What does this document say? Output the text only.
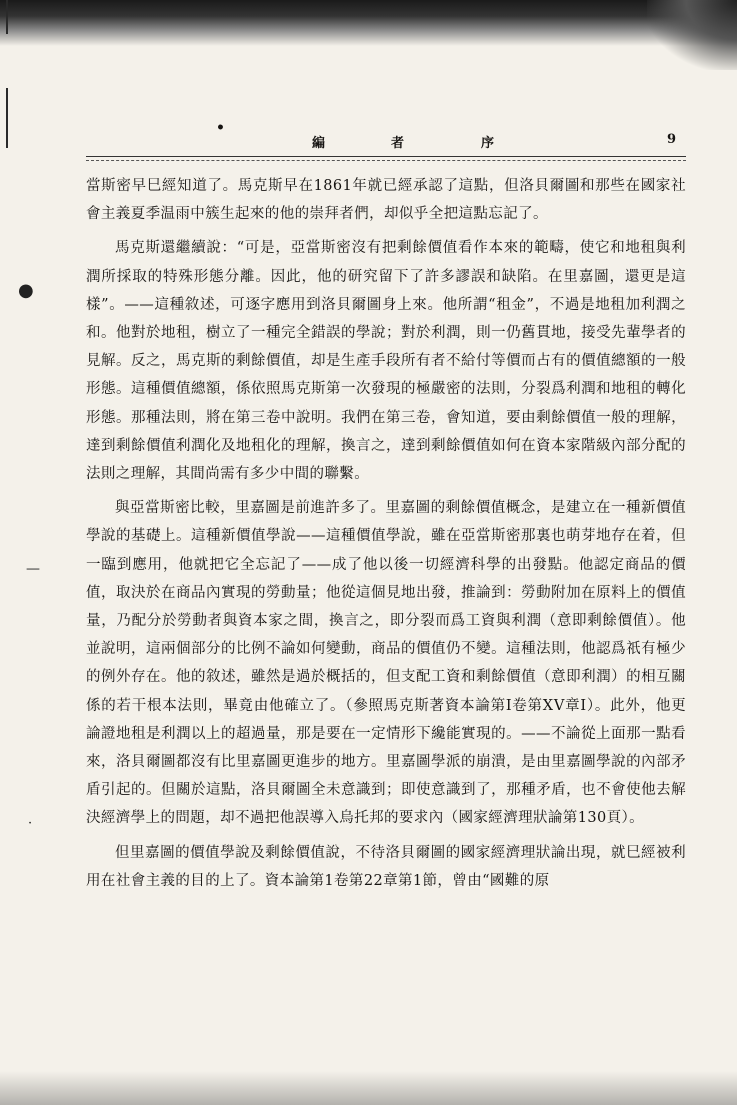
●
—
·
•
編	者	序	9

當斯密早巳經知道了。馬克斯早在1861年就已經承認了這點，但洛貝爾圖和那些在國家社會主義夏季温雨中簇生起來的他的崇拜者們，却似乎全把這點忘記了。

馬克斯還繼續說：“可是，亞當斯密沒有把剩餘價值看作本來的範疇，使它和地租與利潤所採取的特殊形態分離。因此，他的研究留下了許多謬誤和缺陷。在里嘉圖，還更是這樣”。——這種敘述，可逐字應用到洛貝爾圖身上來。他所謂“租金”，不過是地租加利潤之和。他對於地租，樹立了一種完全錯誤的學說；對於利潤，則一仍舊貫地，接受先輩學者的見解。反之，馬克斯的剩餘價值，却是生產手段所有者不給付等價而占有的價值總額的一般形態。這種價值總額，係依照馬克斯第一次發現的極嚴密的法則，分裂爲利潤和地租的轉化形態。那種法則，將在第三卷中說明。我們在第三卷，會知道，要由剩餘價值一般的理解，達到剩餘價值利潤化及地租化的理解，換言之，達到剩餘價值如何在資本家階級內部分配的法則之理解，其間尚需有多少中間的聯繫。

與亞當斯密比較，里嘉圖是前進許多了。里嘉圖的剩餘價值概念，是建立在一種新價值學說的基礎上。這種新價值學說——這種價值學說，雖在亞當斯密那裏也萌芽地存在着，但一臨到應用，他就把它全忘記了——成了他以後一切經濟科學的出發點。他認定商品的價值，取決於在商品內實現的勞動量；他從這個見地出發，推論到：勞動附加在原料上的價值量，乃配分於勞動者與資本家之間，換言之，即分裂而爲工資與利潤（意即剩餘價值）。他並說明，這兩個部分的比例不論如何變動，商品的價值仍不變。這種法則，他認爲祇有極少的例外存在。他的敘述，雖然是過於概括的，但支配工資和剩餘價值（意即利潤）的相互關係的若干根本法則，畢竟由他確立了。（參照馬克斯著資本論第Ⅰ卷第ⅩⅤ章Ⅰ）。此外，他更論證地租是利潤以上的超過量，那是要在一定情形下纔能實現的。——不論從上面那一點看來，洛貝爾圖都沒有比里嘉圖更進步的地方。里嘉圖學派的崩潰，是由里嘉圖學說的內部矛盾引起的。但關於這點，洛貝爾圖全未意識到；即使意識到了，那種矛盾，也不會使他去解決經濟學上的問題，却不過把他誤導入烏托邦的要求內（國家經濟理狀論第130頁）。

但里嘉圖的價值學說及剩餘價值說，不待洛貝爾圖的國家經濟理狀論出現，就巳經被利用在社會主義的目的上了。資本論第1卷第22章第1節，曾由“國難的原
